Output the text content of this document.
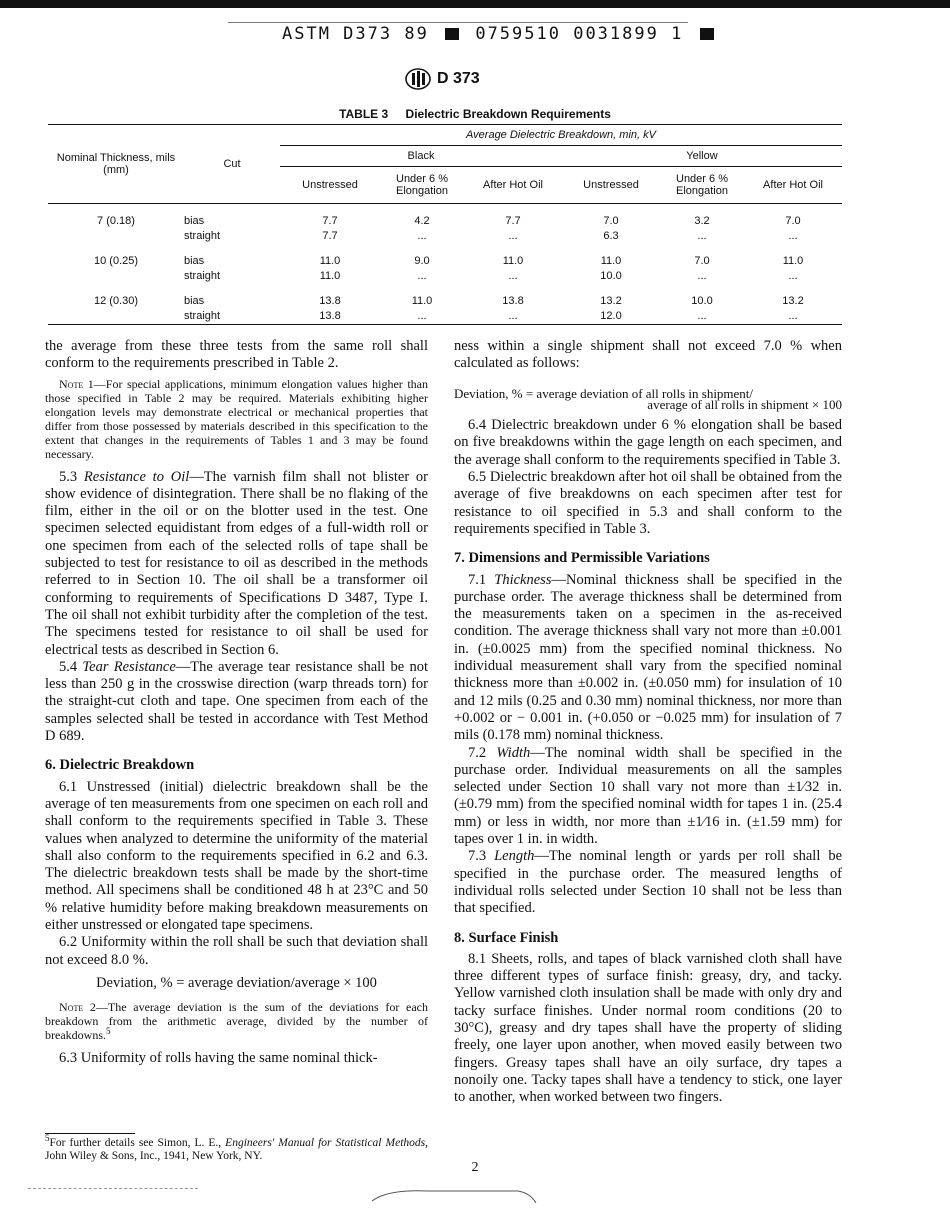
ASTM D373 89	0759510 0031899 1
D 373
TABLE 3 Dielectric Breakdown Requirements
Nominal Thickness, mils (mm)	Cut	Average Dielectric Breakdown, min, kV					
		Black			Yellow		
		Unstressed	Under 6 % Elongation	After Hot Oil	Unstressed	Under 6 % Elongation	After Hot Oil

7 (0.18)	bias	7.7	4.2	7.7	7.0	3.2	7.0
	straight	7.7	...	...	6.3	...	...

10 (0.25)	bias	11.0	9.0	11.0	11.0	7.0	11.0
	straight	11.0	...	...	10.0	...	...

12 (0.30)	bias	13.8	11.0	13.8	13.2	10.0	13.2
	straight	13.8	...	...	12.0	...	...

the average from these three tests from the same roll shall conform to the requirements prescribed in Table 2.

Note 1—For special applications, minimum elongation values higher than those specified in Table 2 may be required. Materials exhibiting higher elongation levels may demonstrate electrical or mechanical properties that differ from those possessed by materials described in this specification to the extent that changes in the requirements of Tables 1 and 3 may be found necessary.

5.3 Resistance to Oil—The varnish film shall not blister or show evidence of disintegration. There shall be no flaking of the film, either in the oil or on the blotter used in the test. One specimen selected equidistant from edges of a full-width roll or one specimen from each of the selected rolls of tape shall be subjected to test for resistance to oil as described in the methods referred to in Section 10. The oil shall be a transformer oil conforming to requirements of Specifications D 3487, Type I. The oil shall not exhibit turbidity after the completion of the test. The specimens tested for resistance to oil shall be used for electrical tests as described in Section 6.

5.4 Tear Resistance—The average tear resistance shall be not less than 250 g in the crosswise direction (warp threads torn) for the straight-cut cloth and tape. One specimen from each of the samples selected shall be tested in accordance with Test Method D 689.

6. Dielectric Breakdown

6.1 Unstressed (initial) dielectric breakdown shall be the average of ten measurements from one specimen on each roll and shall conform to the requirements specified in Table 3. These values when analyzed to determine the uniformity of the material shall also conform to the requirements specified in 6.2 and 6.3. The dielectric breakdown tests shall be made by the short-time method. All specimens shall be conditioned 48 h at 23°C and 50 % relative humidity before making breakdown measurements on either unstressed or elongated tape specimens.

6.2 Uniformity within the roll shall be such that deviation shall not exceed 8.0 %.

Deviation, % = average deviation/average × 100

Note 2—The average deviation is the sum of the deviations for each breakdown from the arithmetic average, divided by the number of breakdowns.$^5$

6.3 Uniformity of rolls having the same nominal thick-

$^5$For further details see Simon, L. E., Engineers' Manual for Statistical Methods, John Wiley & Sons, Inc., 1941, New York, NY.

ness within a single shipment shall not exceed 7.0 % when calculated as follows:

Deviation, % = average deviation of all rolls in shipment/

average of all rolls in shipment × 100

6.4 Dielectric breakdown under 6 % elongation shall be based on five breakdowns within the gage length on each specimen, and the average shall conform to the requirements specified in Table 3.

6.5 Dielectric breakdown after hot oil shall be obtained from the average of five breakdowns on each specimen after test for resistance to oil specified in 5.3 and shall conform to the requirements specified in Table 3.

7. Dimensions and Permissible Variations

7.1 Thickness—Nominal thickness shall be specified in the purchase order. The average thickness shall be determined from the measurements taken on a specimen in the as-received condition. The average thickness shall vary not more than ±0.001 in. (±0.0025 mm) from the specified nominal thickness. No individual measurement shall vary from the specified nominal thickness more than ±0.002 in. (±0.050 mm) for insulation of 10 and 12 mils (0.25 and 0.30 mm) nominal thickness, nor more than +0.002 or − 0.001 in. (+0.050 or −0.025 mm) for insulation of 7 mils (0.178 mm) nominal thickness.

7.2 Width—The nominal width shall be specified in the purchase order. Individual measurements on all the samples selected under Section 10 shall vary not more than ±1⁄32 in. (±0.79 mm) from the specified nominal width for tapes 1 in. (25.4 mm) or less in width, nor more than ±1⁄16 in. (±1.59 mm) for tapes over 1 in. in width.

7.3 Length—The nominal length or yards per roll shall be specified in the purchase order. The measured lengths of individual rolls selected under Section 10 shall not be less than that specified.

8. Surface Finish

8.1 Sheets, rolls, and tapes of black varnished cloth shall have three different types of surface finish: greasy, dry, and tacky. Yellow varnished cloth insulation shall be made with only dry and tacky surface finishes. Under normal room conditions (20 to 30°C), greasy and dry tapes shall have the property of sliding freely, one layer upon another, when moved easily between two fingers. Greasy tapes shall have an oily surface, dry tapes a nonoily one. Tacky tapes shall have a tendency to stick, one layer to another, when worked between two fingers.

2
